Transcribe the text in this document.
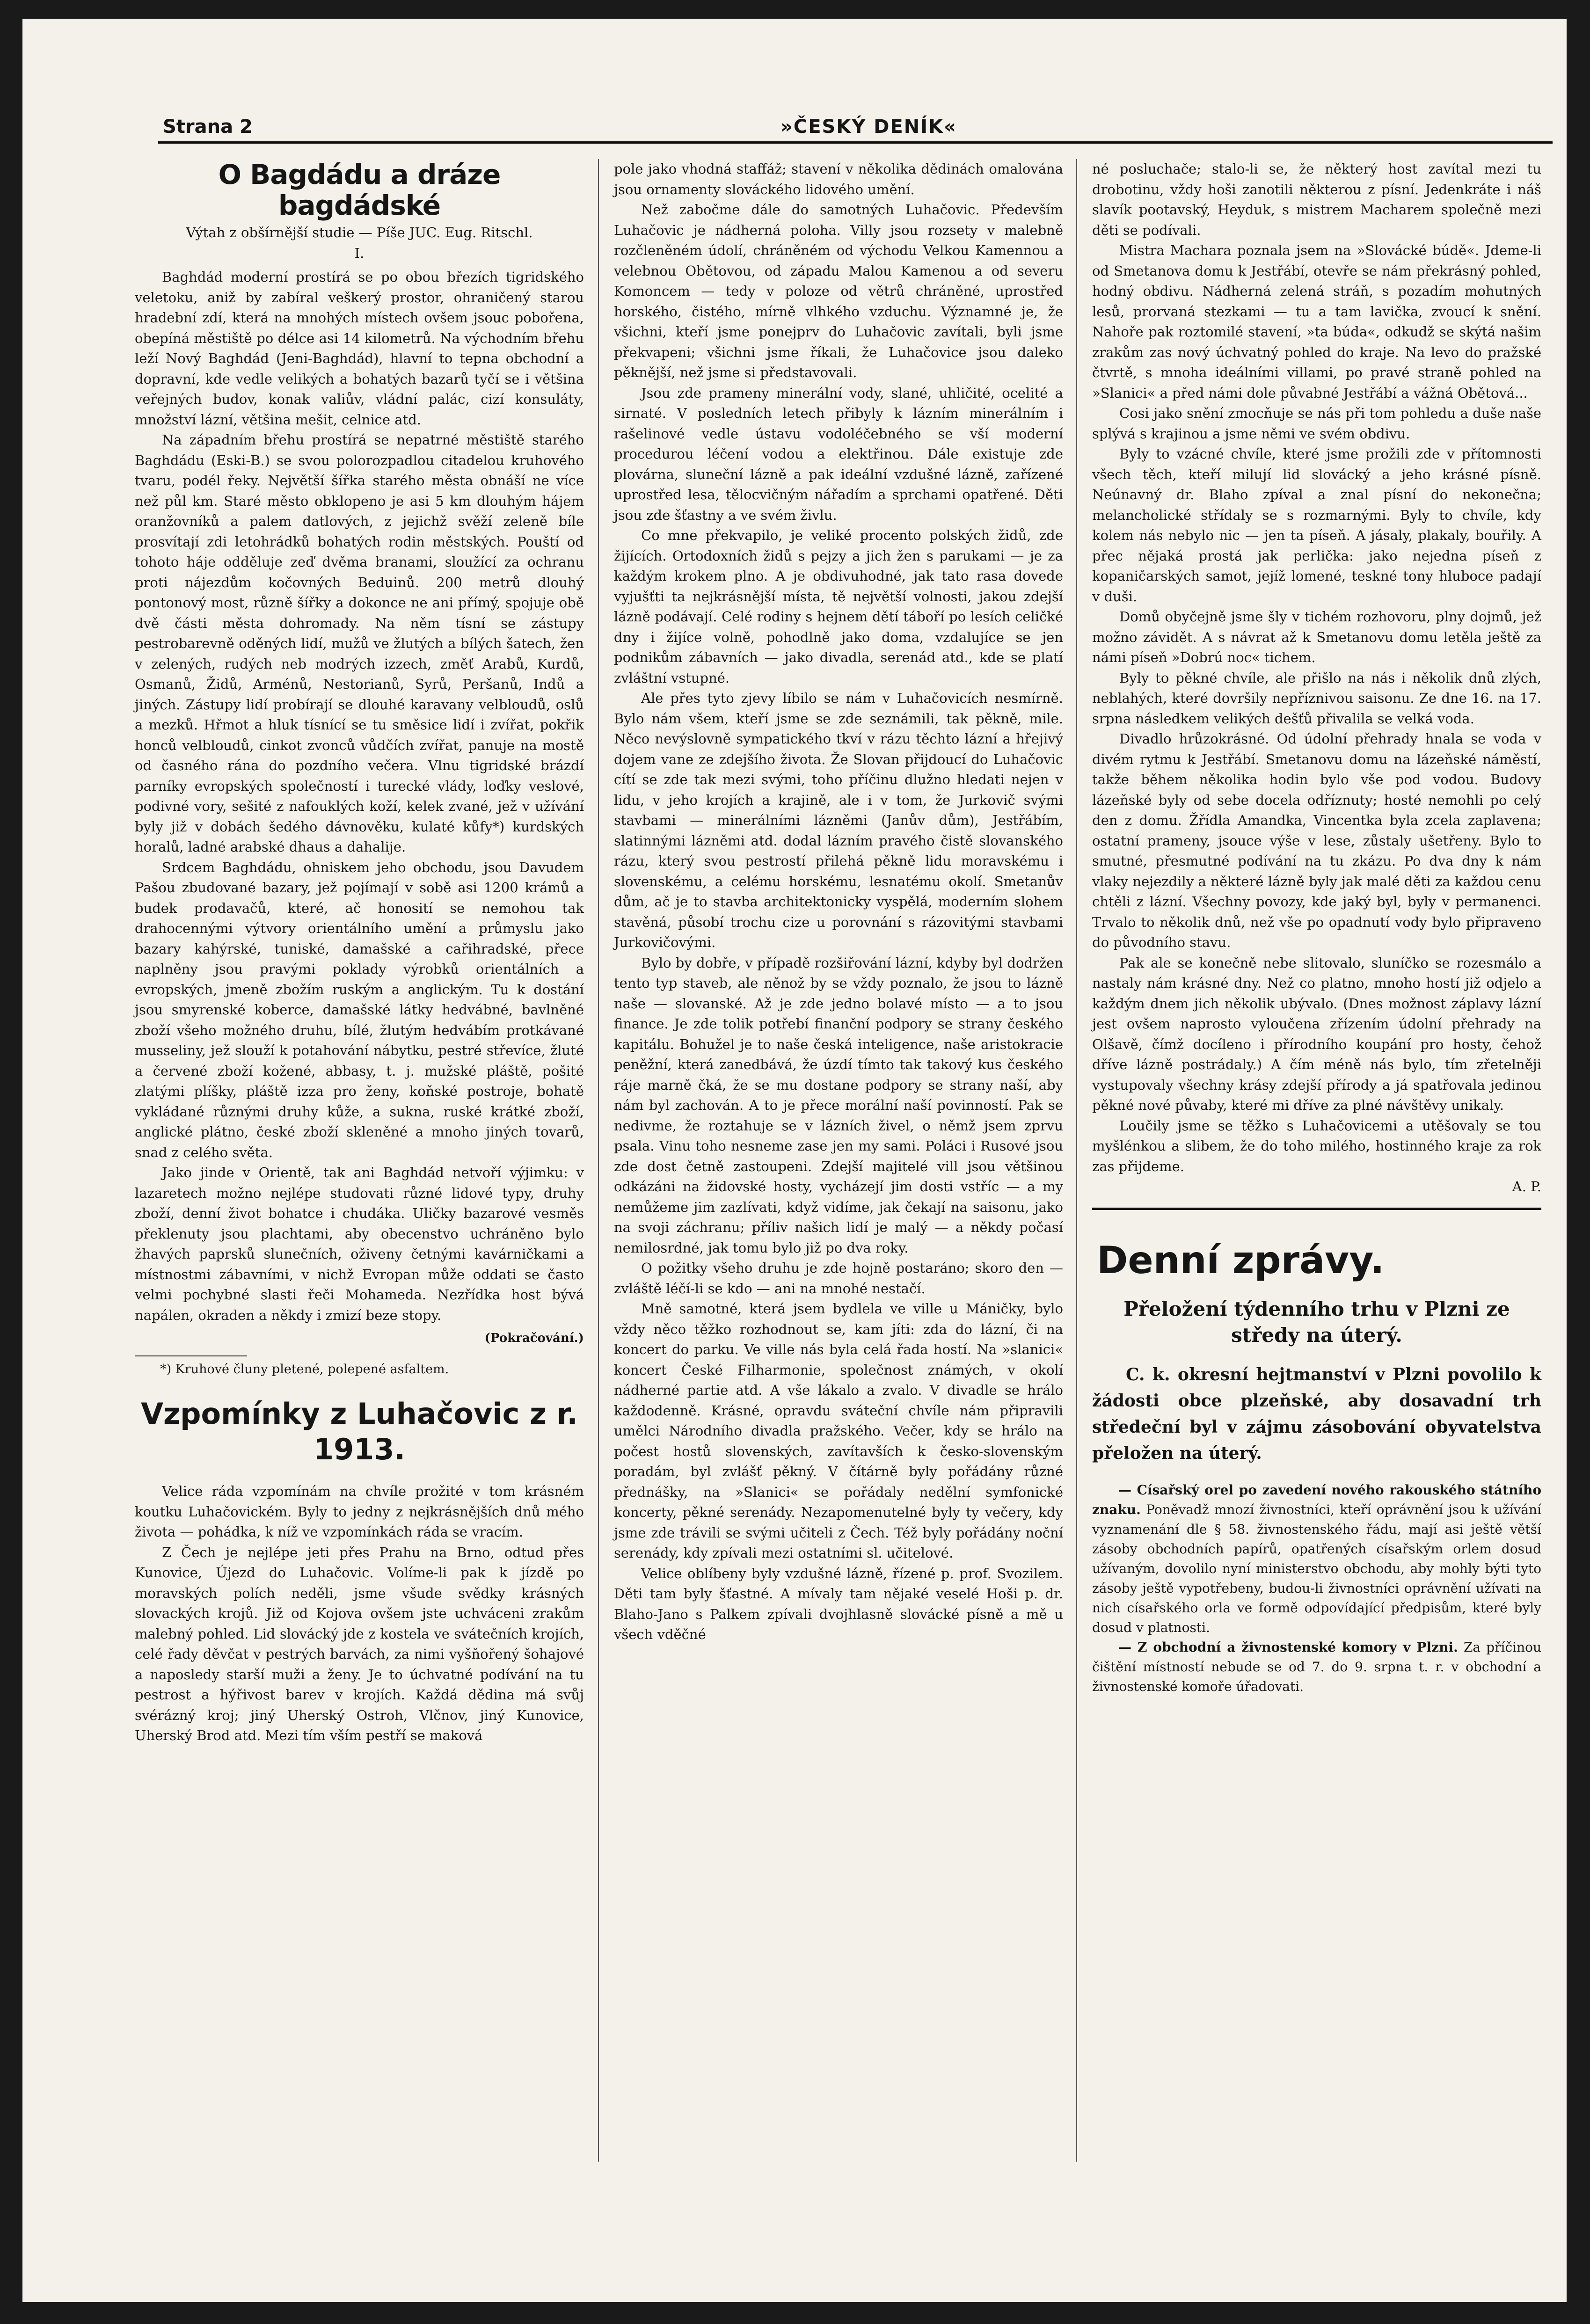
Strana 2	»ČESKÝ DENÍK«
O Bagdádu a dráze bagdádské
Výtah z obšírnější studie — Píše JUC. Eug. Ritschl.
I.

Baghdád moderní prostírá se po obou březích tigridského veletoku, aniž by zabíral veškerý prostor, ohraničený starou hradební zdí, která na mnohých místech ovšem jsouc pobořena, obepíná městiště po délce asi 14 kilometrů. Na východním břehu leží Nový Baghdád (Jeni-Baghdád), hlavní to tepna obchodní a dopravní, kde vedle velikých a bohatých bazarů tyčí se i většina veřejných budov, konak valiův, vládní palác, cizí konsuláty, množství lázní, většina mešit, celnice atd.

Na západním břehu prostírá se nepatrné městiště starého Baghdádu (Eski-B.) se svou polorozpadlou citadelou kruhového tvaru, podél řeky. Největší šířka starého města obnáší ne více než půl km. Staré město obklopeno je asi 5 km dlouhým hájem oranžovníků a palem datlových, z jejichž svěží zeleně bíle prosvítají zdi letohrádků bohatých rodin městských. Pouští od tohoto háje odděluje zeď dvěma branami, sloužící za ochranu proti nájezdům kočovných Beduinů. 200 metrů dlouhý pontonový most, různě šířky a dokonce ne ani přímý, spojuje obě dvě části města dohromady. Na něm tísní se zástupy pestrobarevně oděných lidí, mužů ve žlutých a bílých šatech, žen v zelených, rudých neb modrých izzech, změť Arabů, Kurdů, Osmanů, Židů, Arménů, Nestorianů, Syrů, Peršanů, Indů a jiných. Zástupy lidí probírají se dlouhé karavany velbloudů, oslů a mezků. Hřmot a hluk tísnící se tu směsice lidí i zvířat, pokřik honců velbloudů, cinkot zvonců vůdčích zvířat, panuje na mostě od časného rána do pozdního večera. Vlnu tigridské brázdí parníky evropských společností i turecké vlády, loďky veslové, podivné vory, sešité z nafouklých koží, kelek zvané, jež v užívání byly již v dobách šedého dávnověku, kulaté kůfy*) kurdských horalů, ladné arabské dhaus a dahalije.

Srdcem Baghdádu, ohniskem jeho obchodu, jsou Davudem Pašou zbudované bazary, jež pojímají v sobě asi 1200 krámů a budek prodavačů, které, ač honosití se nemohou tak drahocennými výtvory orientálního umění a průmyslu jako bazary kahýrské, tuniské, damašské a cařihradské, přece naplněny jsou pravými poklady výrobků orientálních a evropských, jmeně zbožím ruským a anglickým. Tu k dostání jsou smyrenské koberce, damašské látky hedvábné, bavlněné zboží všeho možného druhu, bílé, žlutým hedvábím protkávané musseliny, jež slouží k potahování nábytku, pestré střevíce, žluté a červené zboží kožené, abbasy, t. j. mužské pláště, pošité zlatými plíšky, pláště izza pro ženy, koňské postroje, bohatě vykládané různými druhy kůže, a sukna, ruské krátké zboží, anglické plátno, české zboží skleněné a mnoho jiných tovarů, snad z celého světa.

Jako jinde v Orientě, tak ani Baghdád netvoří výjimku: v lazaretech možno nejlépe studovati různé lidové typy, druhy zboží, denní život bohatce i chudáka. Uličky bazarové vesměs překlenuty jsou plachtami, aby obecenstvo uchráněno bylo žhavých paprsků slunečních, oživeny četnými kavárničkami a místnostmi zábavními, v nichž Evropan může oddati se často velmi pochybné slasti řeči Mohameda. Nezřídka host bývá napálen, okraden a někdy i zmizí beze stopy.

(Pokračování.)

*) Kruhové čluny pletené, polepené asfaltem.

Vzpomínky z Luhačovic z r. 1913.

Velice ráda vzpomínám na chvíle prožité v tom krásném koutku Luhačovickém. Byly to jedny z nejkrásnějších dnů mého života — pohádka, k níž ve vzpomínkách ráda se vracím.

Z Čech je nejlépe jeti přes Prahu na Brno, odtud přes Kunovice, Újezd do Luhačovic. Volíme-li pak k jízdě po moravských polích neděli, jsme všude svědky krásných slovackých krojů. Již od Kojova ovšem jste uchváceni zrakům malebný pohled. Lid slovácký jde z kostela ve svátečních krojích, celé řady děvčat v pestrých barvách, za nimi vyšňořený šohajové a naposledy starší muži a ženy. Je to úchvatné podívání na tu pestrost a hýřivost barev v krojích. Každá dědina má svůj svérázný kroj; jiný Uherský Ostroh, Vlčnov, jiný Kunovice, Uherský Brod atd. Mezi tím vším pestří se maková

pole jako vhodná staffáž; stavení v několika dědinách omalována jsou ornamenty slováckého lidového umění.

Než zabočme dále do samotných Luhačovic. Především Luhačovic je nádherná poloha. Villy jsou rozsety v malebně rozčleněném údolí, chráněném od východu Velkou Kamennou a velebnou Obětovou, od západu Malou Kamenou a od severu Komoncem — tedy v poloze od větrů chráněné, uprostřed horského, čistého, mírně vlhkého vzduchu. Významné je, že všichni, kteří jsme ponejprv do Luhačovic zavítali, byli jsme překvapeni; všichni jsme říkali, že Luhačovice jsou daleko pěknější, než jsme si představovali.

Jsou zde prameny minerální vody, slané, uhličité, ocelité a sirnaté. V posledních letech přibyly k lázním minerálním i rašelinové vedle ústavu vodoléčebného se vší moderní procedurou léčení vodou a elektřinou. Dále existuje zde plovárna, sluneční lázně a pak ideální vzdušné lázně, zařízené uprostřed lesa, tělocvičným nářadím a sprchami opatřené. Děti jsou zde šťastny a ve svém živlu.

Co mne překvapilo, je veliké procento polských židů, zde žijících. Ortodoxních židů s pejzy a jich žen s parukami — je za každým krokem plno. A je obdivuhodné, jak tato rasa dovede vyjušťti ta nejkrásnější místa, tě největší volnosti, jakou zdejší lázně podávají. Celé rodiny s hejnem dětí táboří po lesích celičké dny i žijíce volně, pohodlně jako doma, vzdalujíce se jen podnikům zábavních — jako divadla, serenád atd., kde se platí zvláštní vstupné.

Ale přes tyto zjevy líbilo se nám v Luhačovicích nesmírně. Bylo nám všem, kteří jsme se zde seznámili, tak pěkně, mile. Něco nevýslovně sympatického tkví v rázu těchto lázní a hřejivý dojem vane ze zdejšího života. Že Slovan přijdoucí do Luhačovic cítí se zde tak mezi svými, toho příčinu dlužno hledati nejen v lidu, v jeho krojích a krajině, ale i v tom, že Jurkovič svými stavbami — minerálními lázněmi (Janův dům), Jestřábím, slatinnými lázněmi atd. dodal lázním pravého čistě slovanského rázu, který svou pestrostí přilehá pěkně lidu moravskému i slovenskému, a celému horskému, lesnatému okolí. Smetanův dům, ač je to stavba architektonicky vyspělá, moderním slohem stavěná, působí trochu cize u porovnání s rázovitými stavbami Jurkovičovými.

Bylo by dobře, v případě rozšiřování lázní, kdyby byl dodržen tento typ staveb, ale něnož by se vždy poznalo, že jsou to lázně naše — slovanské. Až je zde jedno bolavé místo — a to jsou finance. Je zde tolik potřebí finanční podpory se strany českého kapitálu. Bohužel je to naše česká inteligence, naše aristokracie peněžní, která zanedbává, že úzdí tímto tak takový kus českého ráje marně čká, že se mu dostane podpory se strany naší, aby nám byl zachován. A to je přece morální naší povinností. Pak se nedivme, že roztahuje se v lázních živel, o němž jsem zprvu psala. Vinu toho nesneme zase jen my sami. Poláci i Rusové jsou zde dost četně zastoupeni. Zdejší majitelé vill jsou většinou odkázáni na židovské hosty, vycházejí jim dosti vstříc — a my nemůžeme jim zazlívati, když vidíme, jak čekají na saisonu, jako na svoji záchranu; příliv našich lidí je malý — a někdy počasí nemilosrdné, jak tomu bylo již po dva roky.

O požitky všeho druhu je zde hojně postaráno; skoro den — zvláště léčí-li se kdo — ani na mnohé nestačí.

Mně samotné, která jsem bydlela ve ville u Máničky, bylo vždy něco těžko rozhodnout se, kam jíti: zda do lázní, či na koncert do parku. Ve ville nás byla celá řada hostí. Na »slanici« koncert České Filharmonie, společnost známých, v okolí nádherné partie atd. A vše lákalo a zvalo. V divadle se hrálo každodenně. Krásné, opravdu sváteční chvíle nám připravili umělci Národního divadla pražského. Večer, kdy se hrálo na počest hostů slovenských, zavítavších k česko-slovenským poradám, byl zvlášť pěkný. V čítárně byly pořádány různé přednášky, na »Slanici« se pořádaly nedělní symfonické koncerty, pěkné serenády. Nezapomenutelné byly ty večery, kdy jsme zde trávili se svými učiteli z Čech. Též byly pořádány noční serenády, kdy zpívali mezi ostatními sl. učitelové.

Velice oblíbeny byly vzdušné lázně, řízené p. prof. Svozilem. Děti tam byly šťastné. A mívaly tam nějaké veselé Hoši p. dr. Blaho-Jano s Palkem zpívali dvojhlasně slovácké písně a mě u všech vděčné

né posluchače; stalo-li se, že některý host zavítal mezi tu drobotinu, vždy hoši zanotili některou z písní. Jedenkráte i náš slavík pootavský, Heyduk, s mistrem Macharem společně mezi děti se podívali.

Mistra Machara poznala jsem na »Slovácké búdě«. Jdeme-li od Smetanova domu k Jestřábí, otevře se nám překrásný pohled, hodný obdivu. Nádherná zelená stráň, s pozadím mohutných lesů, prorvaná stezkami — tu a tam lavička, zvoucí k snění. Nahoře pak roztomilé stavení, »ta búda«, odkudž se skýtá našim zrakům zas nový úchvatný pohled do kraje. Na levo do pražské čtvrtě, s mnoha ideálními villami, po pravé straně pohled na »Slanici« a před námi dole půvabné Jestřábí a vážná Obětová...

Cosi jako snění zmocňuje se nás při tom pohledu a duše naše splývá s krajinou a jsme němi ve svém obdivu.

Byly to vzácné chvíle, které jsme prožili zde v přítomnosti všech těch, kteří milují lid slovácký a jeho krásné písně. Neúnavný dr. Blaho zpíval a znal písní do nekonečna; melancholické střídaly se s rozmarnými. Byly to chvíle, kdy kolem nás nebylo nic — jen ta píseň. A jásaly, plakaly, bouřily. A přec nějaká prostá jak perlička: jako nejedna píseň z kopaničarských samot, jejíž lomené, teskné tony hluboce padají v duši.

Domů obyčejně jsme šly v tichém rozhovoru, plny dojmů, jež možno závidět. A s návrat až k Smetanovu domu letěla ještě za námi píseň »Dobrú noc« tichem.

Byly to pěkné chvíle, ale přišlo na nás i několik dnů zlých, neblahých, které dovršily nepříznivou saisonu. Ze dne 16. na 17. srpna následkem velikých dešťů přivalila se velká voda.

Divadlo hrůzokrásné. Od údolní přehrady hnala se voda v divém rytmu k Jestřábí. Smetanovu domu na lázeňské náměstí, takže během několika hodin bylo vše pod vodou. Budovy lázeňské byly od sebe docela odříznuty; hosté nemohli po celý den z domu. Žřídla Amandka, Vincentka byla zcela zaplavena; ostatní prameny, jsouce výše v lese, zůstaly ušetřeny. Bylo to smutné, přesmutné podívání na tu zkázu. Po dva dny k nám vlaky nejezdily a některé lázně byly jak malé děti za každou cenu chtěli z lázní. Všechny povozy, kde jaký byl, byly v permanenci. Trvalo to několik dnů, než vše po opadnutí vody bylo připraveno do původního stavu.

Pak ale se konečně nebe slitovalo, sluníčko se rozesmálo a nastaly nám krásné dny. Než co platno, mnoho hostí již odjelo a každým dnem jich několik ubývalo. (Dnes možnost záplavy lázní jest ovšem naprosto vyloučena zřízením údolní přehrady na Olšavě, čímž docíleno i přírodního koupání pro hosty, čehož dříve lázně postrádaly.) A čím méně nás bylo, tím zřetelněji vystupovaly všechny krásy zdejší přírody a já spatřovala jedinou pěkné nové půvaby, které mi dříve za plné návštěvy unikaly.

Loučily jsme se těžko s Luhačovicemi a utěšovaly se tou myšlénkou a slibem, že do toho milého, hostinného kraje za rok zas přijdeme.

A. P.
Denní zprávy.
Přeložení týdenního trhu v Plzni ze středy na úterý.
C. k. okresní hejtmanství v Plzni povolilo k žádosti obce plzeňské, aby dosavadní trh středeční byl v zájmu zásobování obyvatelstva přeložen na úterý.

— Císařský orel po zavedení nového rakouského státního znaku. Poněvadž mnozí živnostníci, kteří oprávnění jsou k užívání vyznamenání dle § 58. živnostenského řádu, mají asi ještě větší zásoby obchodních papírů, opatřených císařským orlem dosud užívaným, dovolilo nyní ministerstvo obchodu, aby mohly býti tyto zásoby ještě vypotřebeny, budou-li živnostníci oprávnění užívati na nich císařského orla ve formě odpovídající předpisům, které byly dosud v platnosti.

— Z obchodní a živnostenské komory v Plzni. Za příčinou čištění místností nebude se od 7. do 9. srpna t. r. v obchodní a živnostenské komoře úřadovati.
